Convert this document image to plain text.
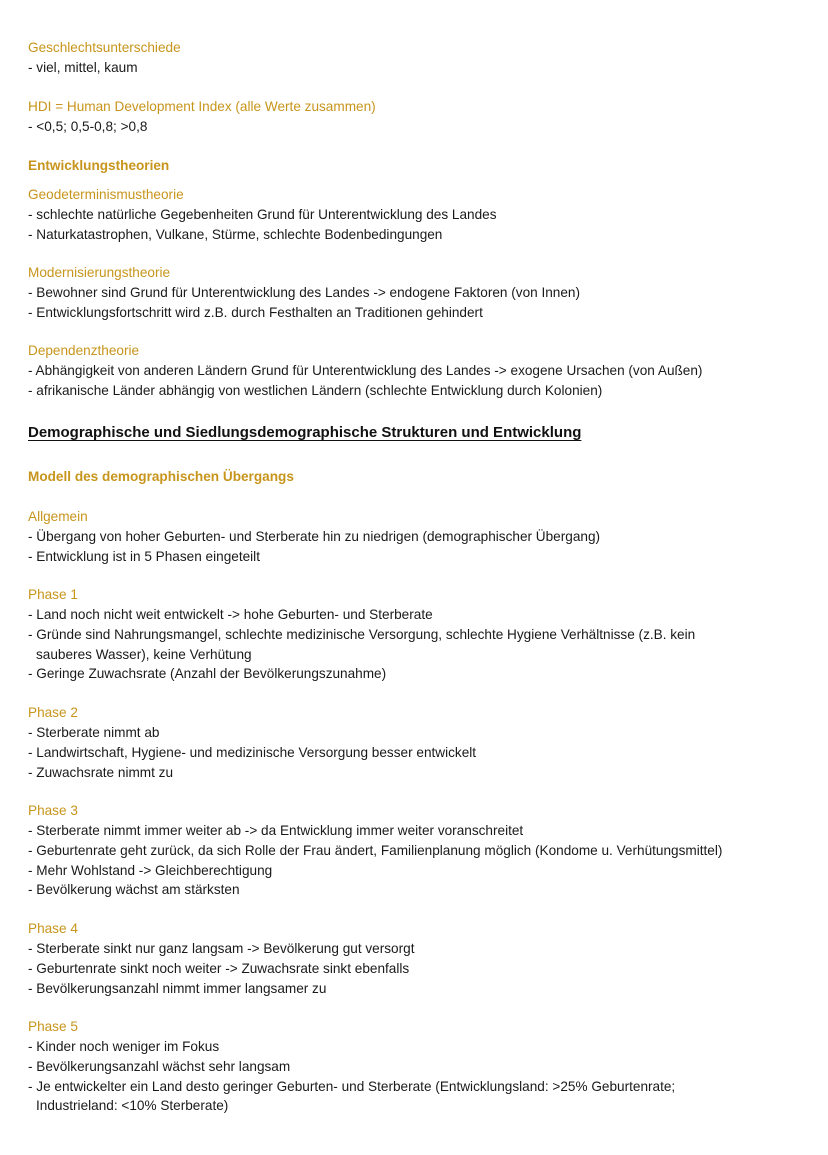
Geschlechtsunterschiede
- viel, mittel, kaum
HDI = Human Development Index (alle Werte zusammen)
- <0,5; 0,5-0,8; >0,8
Entwicklungstheorien
Geodeterminismustheorie
- schlechte natürliche Gegebenheiten Grund für Unterentwicklung des Landes
- Naturkatastrophen, Vulkane, Stürme, schlechte Bodenbedingungen
Modernisierungstheorie
- Bewohner sind Grund für Unterentwicklung des Landes -> endogene Faktoren (von Innen)
- Entwicklungsfortschritt wird z.B. durch Festhalten an Traditionen gehindert
Dependenztheorie
- Abhängigkeit von anderen Ländern Grund für Unterentwicklung des Landes -> exogene Ursachen (von Außen)
- afrikanische Länder abhängig von westlichen Ländern (schlechte Entwicklung durch Kolonien)
Demographische und Siedlungsdemographische Strukturen und Entwicklung
Modell des demographischen Übergangs
Allgemein
- Übergang von hoher Geburten- und Sterberate hin zu niedrigen (demographischer Übergang)
- Entwicklung ist in 5 Phasen eingeteilt
Phase 1
- Land noch nicht weit entwickelt -> hohe Geburten- und Sterberate
- Gründe sind Nahrungsmangel, schlechte medizinische Versorgung, schlechte Hygiene Verhältnisse (z.B. kein
sauberes Wasser), keine Verhütung
- Geringe Zuwachsrate (Anzahl der Bevölkerungszunahme)
Phase 2
- Sterberate nimmt ab
- Landwirtschaft, Hygiene- und medizinische Versorgung besser entwickelt
- Zuwachsrate nimmt zu
Phase 3
- Sterberate nimmt immer weiter ab -> da Entwicklung immer weiter voranschreitet
- Geburtenrate geht zurück, da sich Rolle der Frau ändert, Familienplanung möglich (Kondome u. Verhütungsmittel)
- Mehr Wohlstand -> Gleichberechtigung
- Bevölkerung wächst am stärksten
Phase 4
- Sterberate sinkt nur ganz langsam -> Bevölkerung gut versorgt
- Geburtenrate sinkt noch weiter -> Zuwachsrate sinkt ebenfalls
- Bevölkerungsanzahl nimmt immer langsamer zu
Phase 5
- Kinder noch weniger im Fokus
- Bevölkerungsanzahl wächst sehr langsam
- Je entwickelter ein Land desto geringer Geburten- und Sterberate (Entwicklungsland: >25% Geburtenrate;
Industrieland: <10% Sterberate)
